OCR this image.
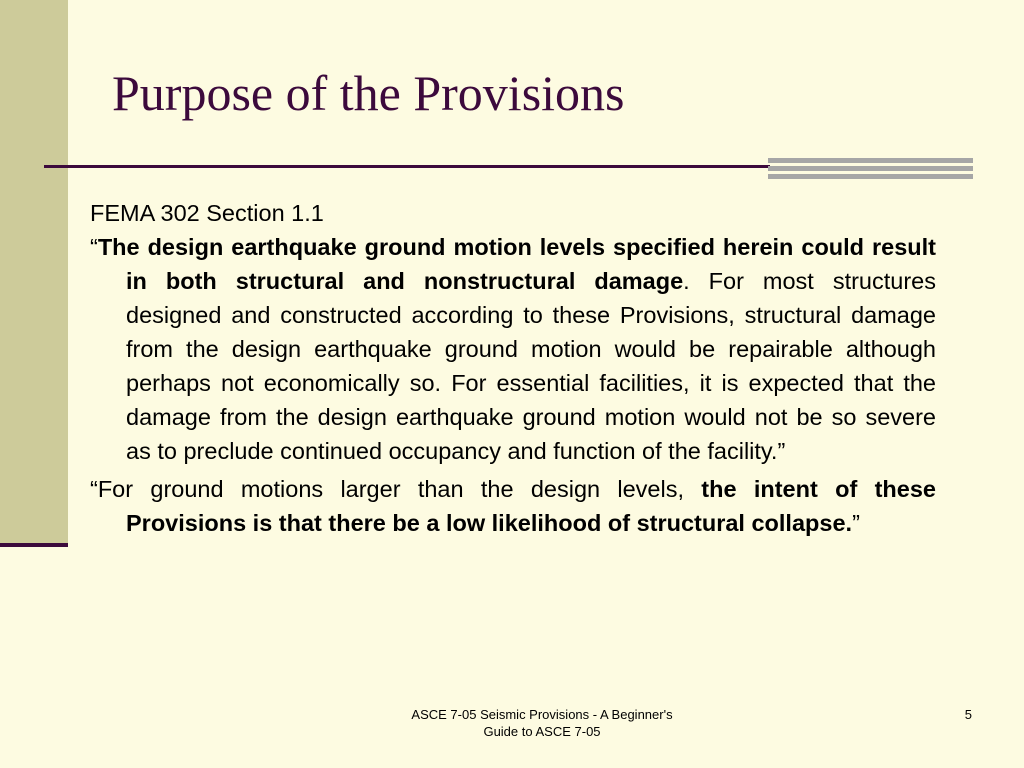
Purpose of the Provisions

FEMA 302 Section 1.1

“The design earthquake ground motion levels specified herein could result in both structural and nonstructural damage. For most structures designed and constructed according to these Provisions, structural damage from the design earthquake ground motion would be repairable although perhaps not economically so. For essential facilities, it is expected that the damage from the design earthquake ground motion would not be so severe as to preclude continued occupancy and function of the facility.”

“For ground motions larger than the design levels, the intent of these Provisions is that there be a low likelihood of structural collapse.”

ASCE 7-05 Seismic Provisions - A Beginner's
Guide to ASCE 7-05
5
